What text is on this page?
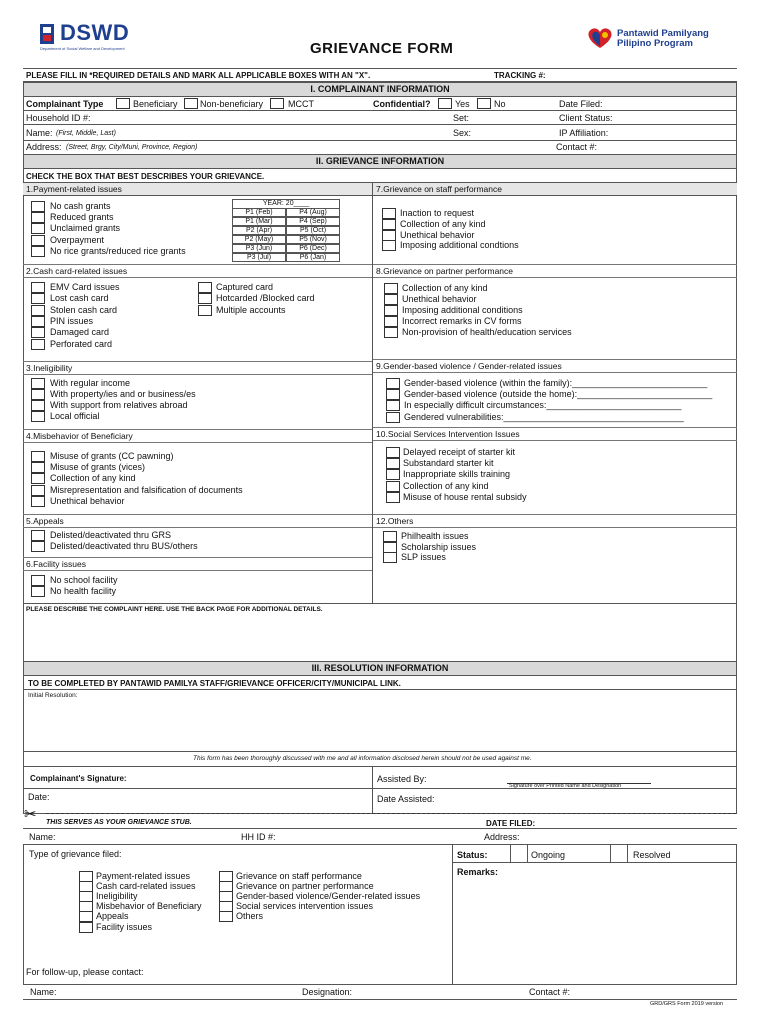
DSWD
Department of Social Welfare and Development	GRIEVANCE FORM
Pantawid Pamilyang
Pilipino Program
PLEASE FILL IN *REQUIRED DETAILS AND MARK ALL APPLICABLE BOXES WITH AN "X".	TRACKING #:
I. COMPLAINANT INFORMATION
Complainant Type	Beneficiary Non-beneficiary	MCCT	Confidential?	Yes	No	Date Filed:
Household ID #:	Set:	Client Status:
Name: (First, Middle, Last)	Sex:	IP Affiliation:
Address: (Street, Brgy, City/Muni, Province, Region)	Contact #:
II. GRIEVANCE INFORMATION
CHECK THE BOX THAT BEST DESCRIBES YOUR GRIEVANCE.
1.Payment-related issues	7.Grievance on staff performance
No cash grants
Reduced grants
Unclaimed grants
Overpayment
No rice grants/reduced rice grants
YEAR: 20____
P1 (Feb)	P4 (Aug)
P1 (Mar)	P4 (Sep)
P2 (Apr)	P5 (Oct)
P2 (May)	P5 (Nov)
P3 (Jun)	P6 (Dec)
P3 (Jul)	P6 (Jan)
Inaction to request
Collection of any kind
Unethical behavior
Imposing additional condtions
2.Cash card-related issues	8.Grievance on partner performance
EMV Card issues
Lost cash card
Stolen cash card
PIN issues
Damaged card
Perforated card
Captured card
Hotcarded /Blocked card
Multiple accounts
Collection of any kind
Unethical behavior
Imposing additional conditions
Incorrect remarks in CV forms
Non-provision of health/education services
3.Ineligibility	9.Gender-based violence / Gender-related issues
With regular income
With property/ies and or business/es
With support from relatives abroad
Local official
Gender-based violence (within the family):___________________________
Gender-based violence (outside the home):___________________________
In especially difficult circumstances:___________________________
Gendered vulnerabilities:____________________________________
4.Misbehavior of Beneficiary	10.Social Services Intervention Issues
Misuse of grants (CC pawning)
Misuse of grants (vices)
Collection of any kind
Misrepresentation and falsification of documents
Unethical behavior
Delayed receipt of starter kit
Substandard starter kit
Inappropriate skills training
Collection of any kind
Misuse of house rental subsidy
5.Appeals	12.Others
Delisted/deactivated thru GRS
Delisted/deactivated thru BUS/others
Philhealth issues
Scholarship issues
SLP issues
6.Facility issues
No school facility
No health facility
PLEASE DESCRIBE THE COMPLAINT HERE. USE THE BACK PAGE FOR ADDITIONAL DETAILS.
III. RESOLUTION INFORMATION
TO BE COMPLETED BY PANTAWID PAMILYA STAFF/GRIEVANCE OFFICER/CITY/MUNICIPAL LINK.
Initial Resolution:
This form has been thoroughly discussed with me and all information disclosed herein should not be used against me.
Complainant's Signature:	Assisted By:
Signature over Printed Name and Designation
Date:	Date Assisted:
✂ THIS SERVES AS YOUR GRIEVANCE STUB.	DATE FILED:
Name:	HH ID #:	Address:
Type of grievance filed:	Status:	Ongoing	Resolved
Remarks:
Payment-related issues
Cash card-related issues
Ineligibility
Misbehavior of Beneficiary
Appeals
Facility issues
Grievance on staff performance
Grievance on partner performance
Gender-based violence/Gender-related issues
Social services intervention issues
Others
For follow-up, please contact:
Name:	Designation:	Contact #:
GRD/GRS Form 2019 version
